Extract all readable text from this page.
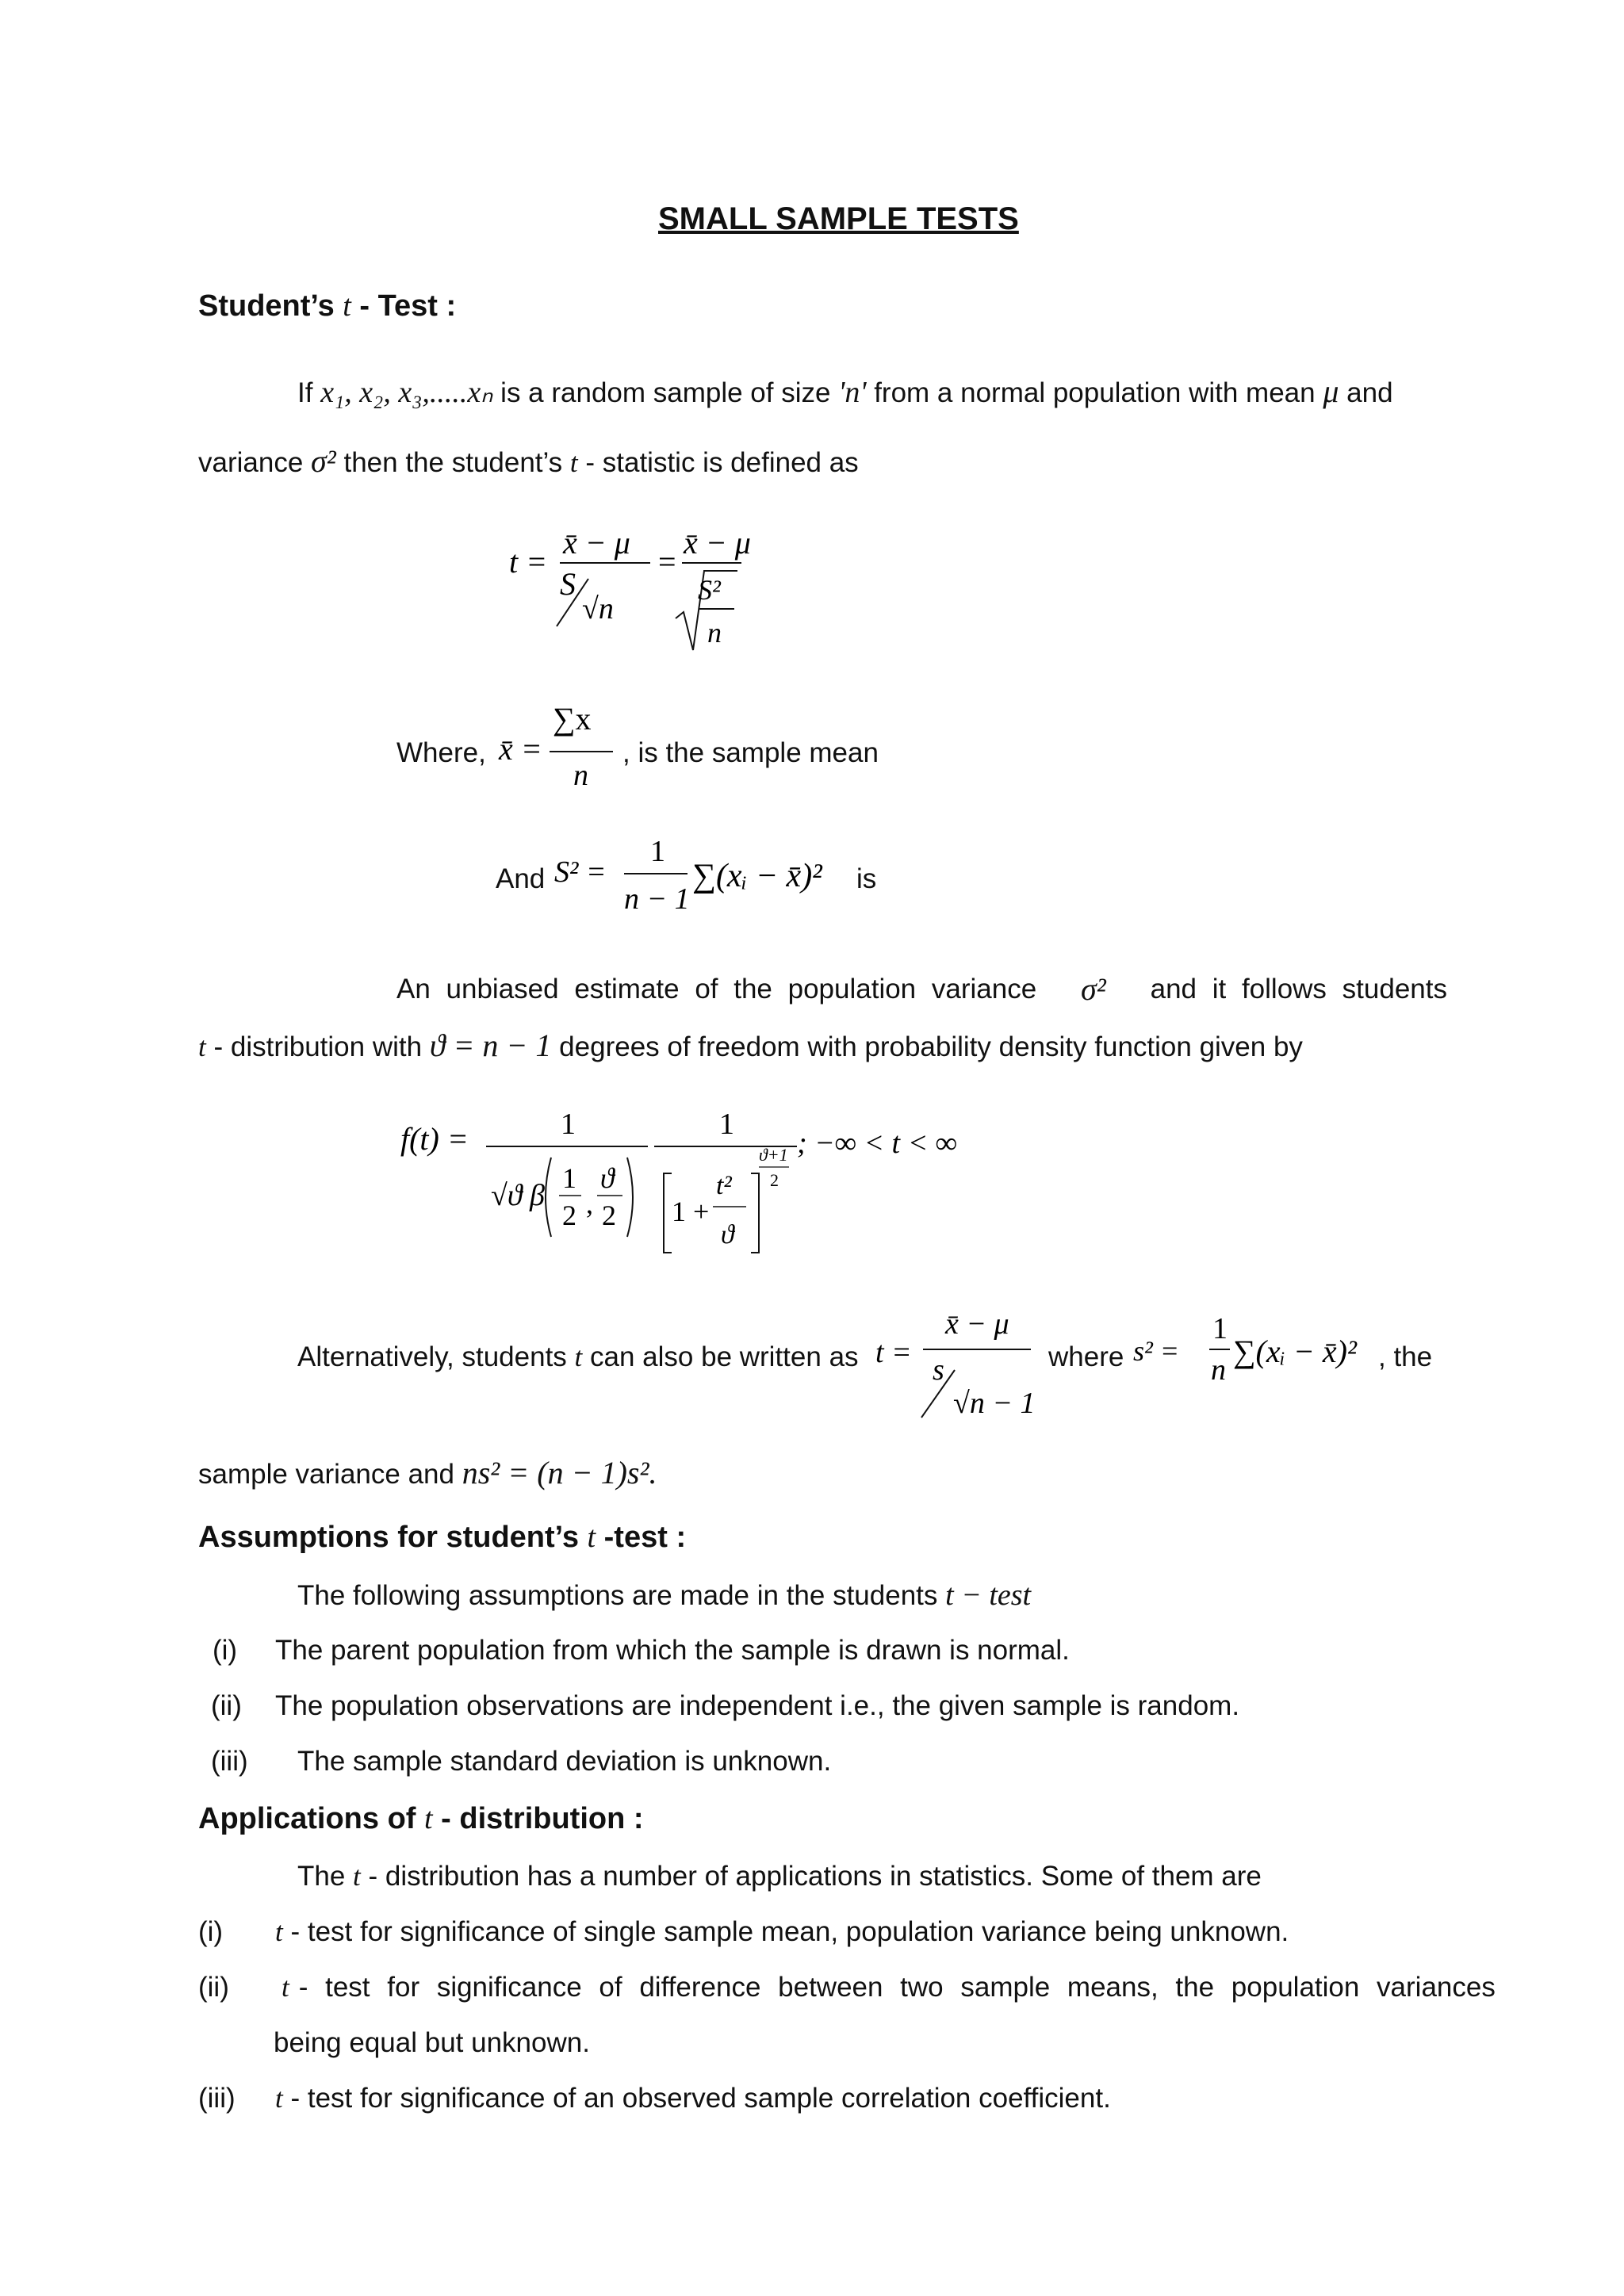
SMALL SAMPLE TESTS
Student’s t - Test :
If x₁, x₂, x₃,.....xₙ is a random sample of size 'n' from a normal population with mean μ and
variance σ² then the student’s t - statistic is defined as
t =
x̄ − μ
S
√n
=
x̄ − μ
S²
n
Where, x̄ =
∑x
n
, is the sample mean
And S² =
1
n − 1
∑(xᵢ − x̄)² is
An unbiased estimate of the population variance σ² and it follows students
t - distribution with ϑ = n − 1 degrees of freedom with probability density function given by
f(t) =	1
√ϑ β
1
2 ,
ϑ
2
1
1 +
t²
ϑ
ϑ+1
2
; −∞ < t < ∞
Alternatively, students t can also be written as t =
x̄ − μ
s
√n − 1
where s² =
1
n
∑(xᵢ − x̄)² , the
sample variance and ns² = (n − 1)s².
Assumptions for student’s t -test :
The following assumptions are made in the students t − test
(i) The parent population from which the sample is drawn is normal.
(ii) The population observations are independent i.e., the given sample is random.
(iii) The sample standard deviation is unknown.
Applications of t - distribution :
The t - distribution has a number of applications in statistics. Some of them are
(i) t - test for significance of single sample mean, population variance being unknown.
(ii) t - test for significance of difference between two sample means, the population variances
being equal but unknown.
(iii) t - test for significance of an observed sample correlation coefficient.
